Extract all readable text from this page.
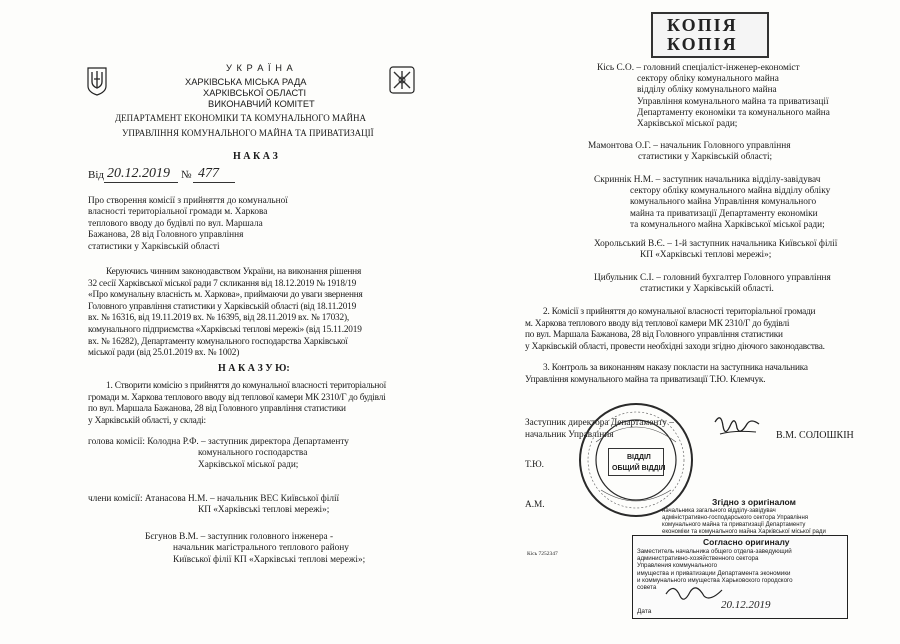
У К Р А Ї Н А
ХАРКІВСЬКА МІСЬКА РАДА
ХАРКІВСЬКОЇ ОБЛАСТІ
ВИКОНАВЧИЙ КОМІТЕТ
ДЕПАРТАМЕНТ ЕКОНОМІКИ ТА КОМУНАЛЬНОГО МАЙНА
УПРАВЛІННЯ КОМУНАЛЬНОГО МАЙНА ТА ПРИВАТИЗАЦІЇ
Н А К А З
Від 20.12.2019 № 477

Про створення комісії з прийняття до комунальної

власності територіальної громади м. Харкова

теплового вводу до будівлі по вул. Маршала

Бажанова, 28 від Головного управління

статистики у Харківській області

Керуючись чинним законодавством України, на виконання рішення

32 сесії Харківської міської ради 7 скликання від 18.12.2019 № 1918/19

«Про комунальну власність м. Харкова», приймаючи до уваги звернення

Головного управління статистики у Харківській області (від 18.11.2019

вх. № 16316, від 19.11.2019 вх. № 16395, від 28.11.2019 вх. № 17032),

комунального підприємства «Харківські теплові мережі» (від 15.11.2019

вх. № 16282), Департаменту комунального господарства Харківської

міської ради (від 25.01.2019 вх. № 1002)

Н А К А З У Ю:

1. Створити комісію з прийняття до комунальної власності територіальної

громади м. Харкова теплового вводу від теплової камери МК 2310/Г до будівлі

по вул. Маршала Бажанова, 28 від Головного управління статистики

у Харківській області, у складі:

голова комісії: Колодна Р.Ф. – заступник директора Департаменту

комунального господарства

Харківської міської ради;

члени комісії: Атанасова Н.М. – начальник ВЕС Київської філії

КП «Харківські теплові мережі»;

Бєгунов В.М. – заступник головного інженера -

начальник магістрального теплового району

Київської філії КП «Харківські теплові мережі»;

КОПІЯ
КОПІЯ

Кісь С.О. – головний спеціаліст-інженер-економіст

сектору обліку комунального майна

відділу обліку комунального майна

Управління комунального майна та приватизації

Департаменту економіки та комунального майна

Харківської міської ради;

Мамонтова О.Г. – начальник Головного управління

статистики у Харківській області;

Скриннік Н.М. – заступник начальника відділу-завідувач

сектору обліку комунального майна відділу обліку

комунального майна Управління комунального

майна та приватизації Департаменту економіки

та комунального майна Харківської міської ради;

Хорольський В.Є. – 1-й заступник начальника Київської філії

КП «Харківські теплові мережі»;

Цибульник С.І. – головний бухгалтер Головного управління

статистики у Харківській області.

2. Комісії з прийняття до комунальної власності територіальної громади

м. Харкова теплового вводу від теплової камери МК 2310/Г до будівлі

по вул. Маршала Бажанова, 28 від Головного управління статистики

у Харківській області, провести необхідні заходи згідно діючого законодавства.

3. Контроль за виконанням наказу покласти на заступника начальника

Управління комунального майна та приватизації Т.Ю. Клемчук.

Заступник директора Департаменту –
начальник Управління	В.М. СОЛОШКІН
Т.Ю.
А.М.
Кісь 7252347
ВІДДІЛ
ОБЩИЙ ВІДДІЛ
Згідно з оригіналом

начальника загального відділу-завідувач

адміністративно-господарського сектора Управління

комунального майна та приватизації Департаменту

економіки та комунального майна Харківської міської ради

Согласно оригиналу

Заместитель начальника общего отдела-заведующий

административно-хозяйственного сектора

Управления коммунального

имущества и приватизации Департамента экономики

и коммунального имущества Харьковского городского

совета

Дата
20.12.2019
